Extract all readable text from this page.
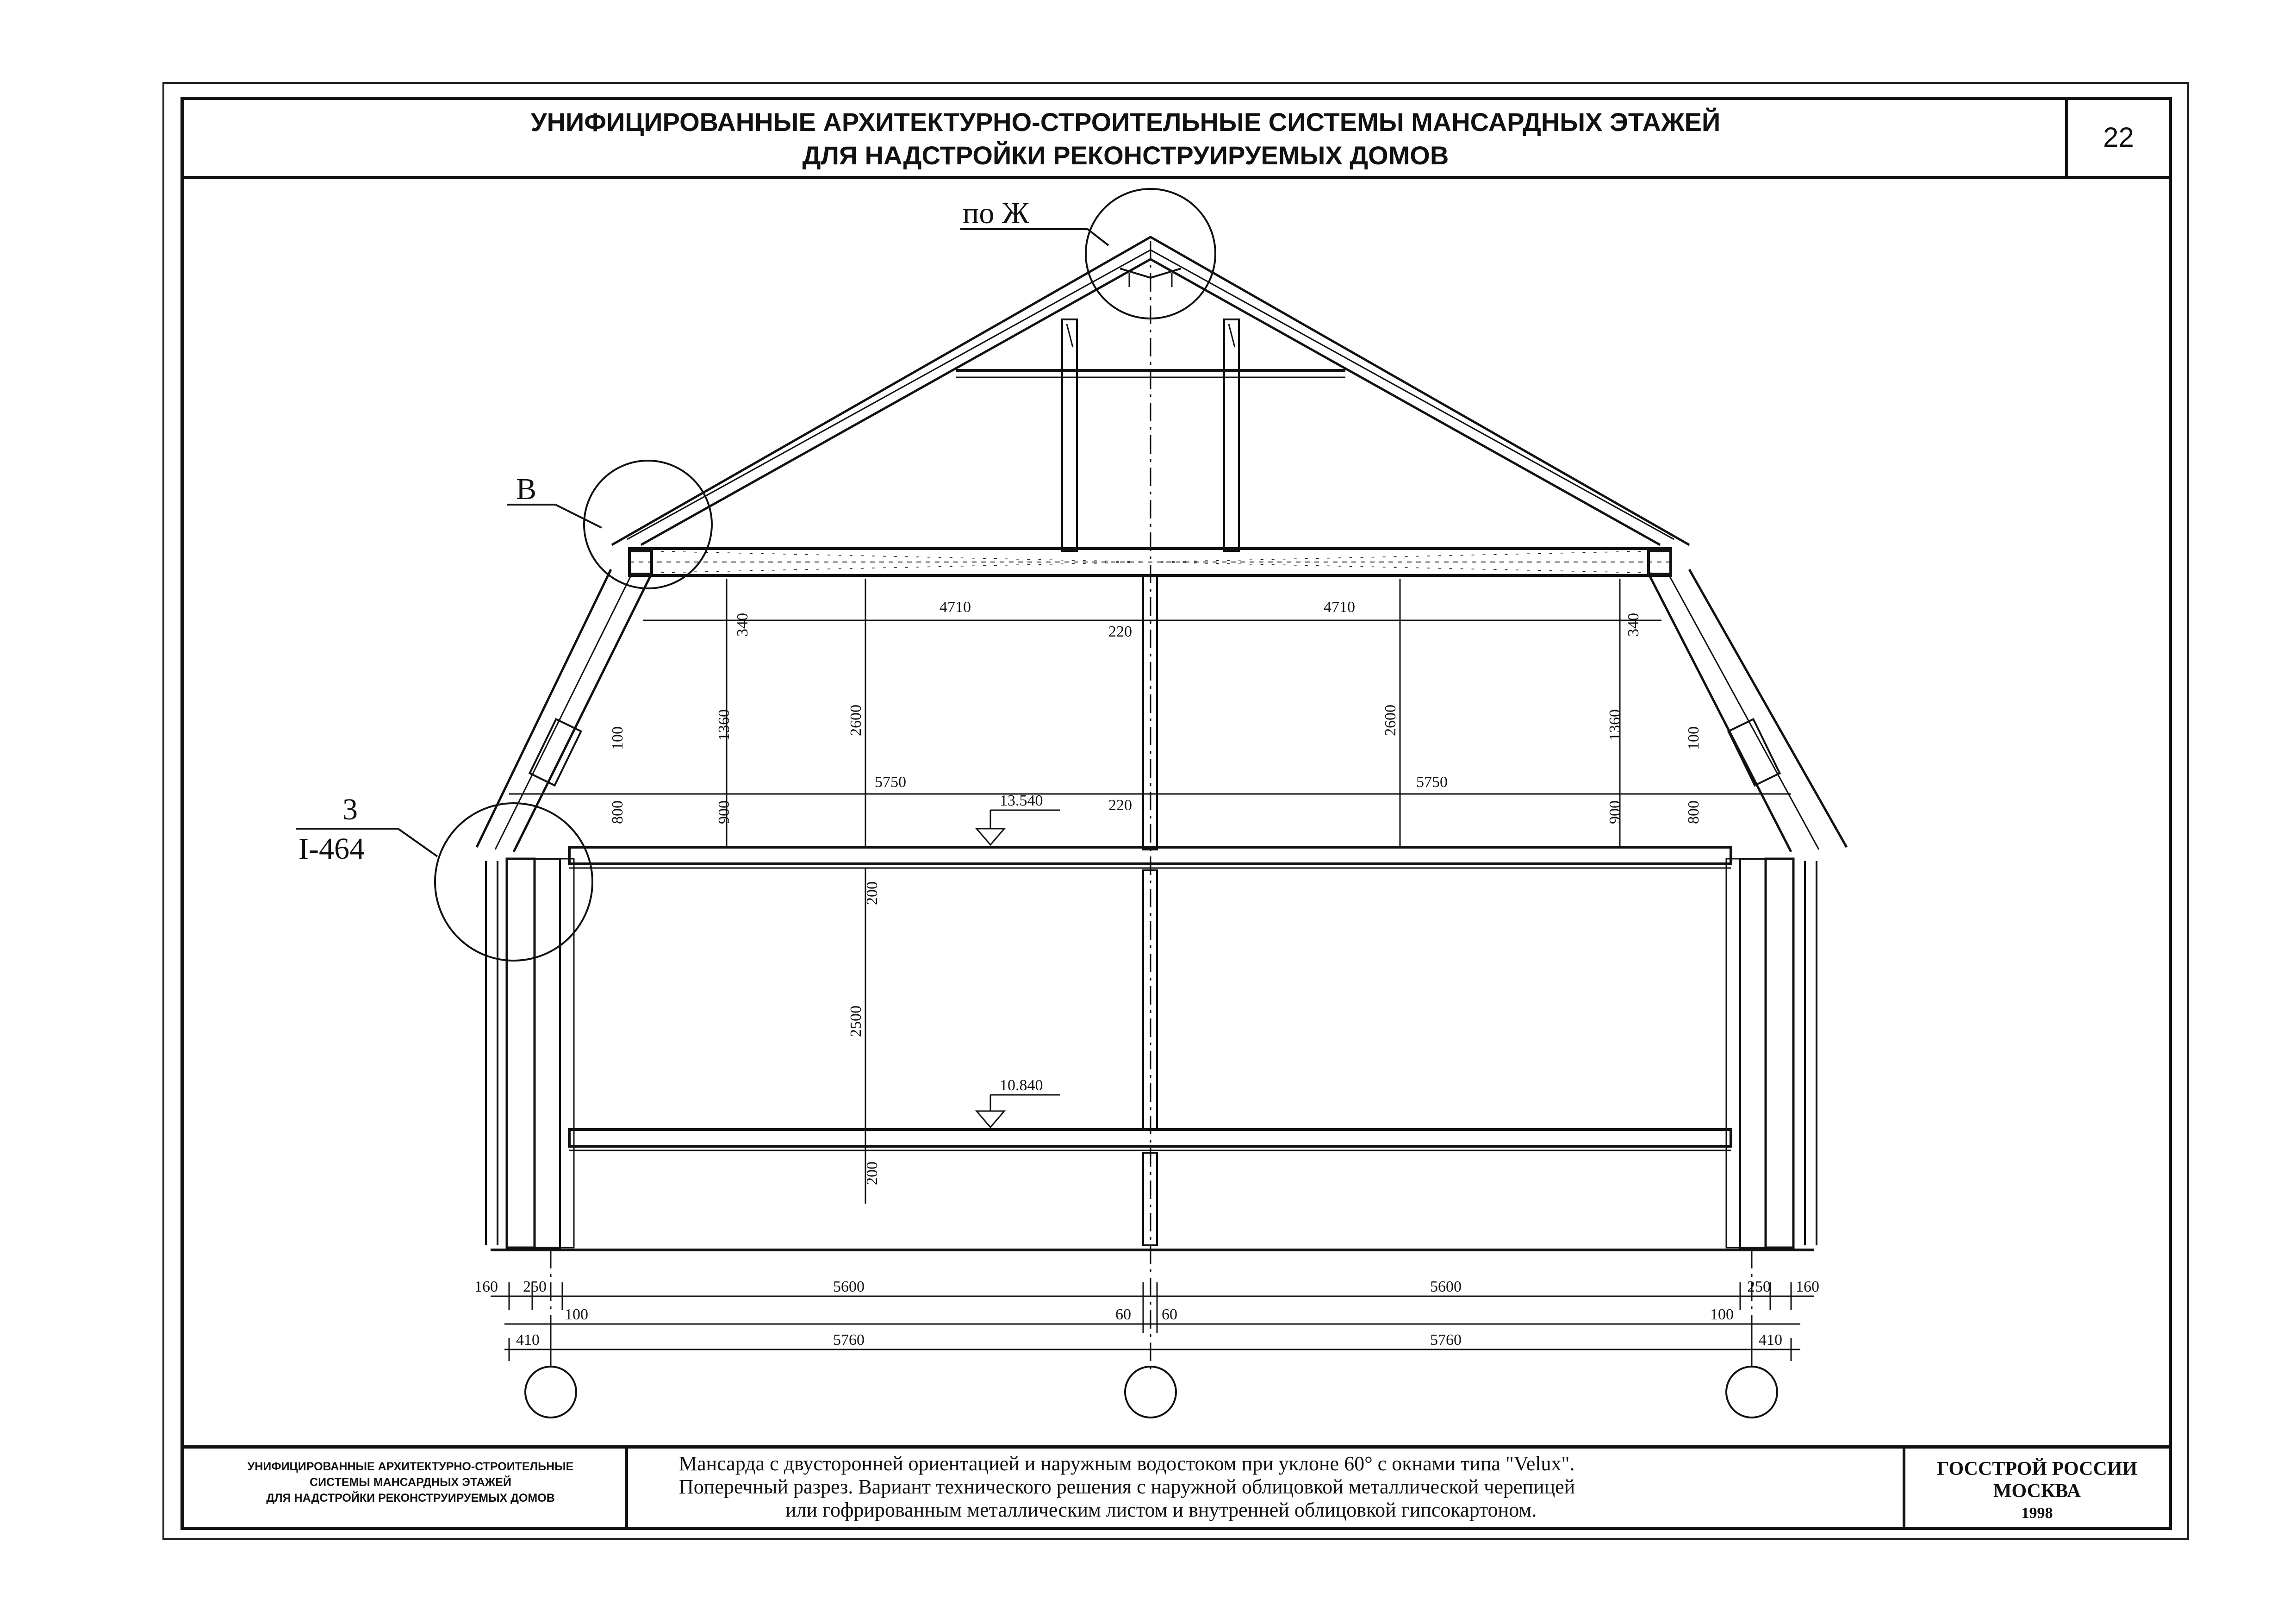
УНИФИЦИРОВАННЫЕ АРХИТЕКТУРНО-СТРОИТЕЛЬНЫЕ СИСТЕМЫ МАНСАРДНЫХ ЭТАЖЕЙ
ДЛЯ НАДСТРОЙКИ РЕКОНСТРУИРУЕМЫХ ДОМОВ
22
по Ж
В
3
I-464
4710	4710
220
5750	5750
220
13.540
10.840
340	340
1360	1360
2600	2600
100	100
900	900
800	800
200
2500
200
160 250	5600	5600	250 160
100	60 60	100
410	5760	5760	410
УНИФИЦИРОВАННЫЕ АРХИТЕКТУРНО-СТРОИТЕЛЬНЫЕ
СИСТЕМЫ МАНСАРДНЫХ ЭТАЖЕЙ
ДЛЯ НАДСТРОЙКИ РЕКОНСТРУИРУЕМЫХ ДОМОВ
Мансарда с двусторонней ориентацией и наружным водостоком при уклоне 60° с окнами типа "Velux".
Поперечный разрез. Вариант технического решения с наружной облицовкой металлической черепицей
или гофрированным металлическим листом и внутренней облицовкой гипсокартоном.
ГОССТРОЙ РОССИИ
МОСКВА
1998
